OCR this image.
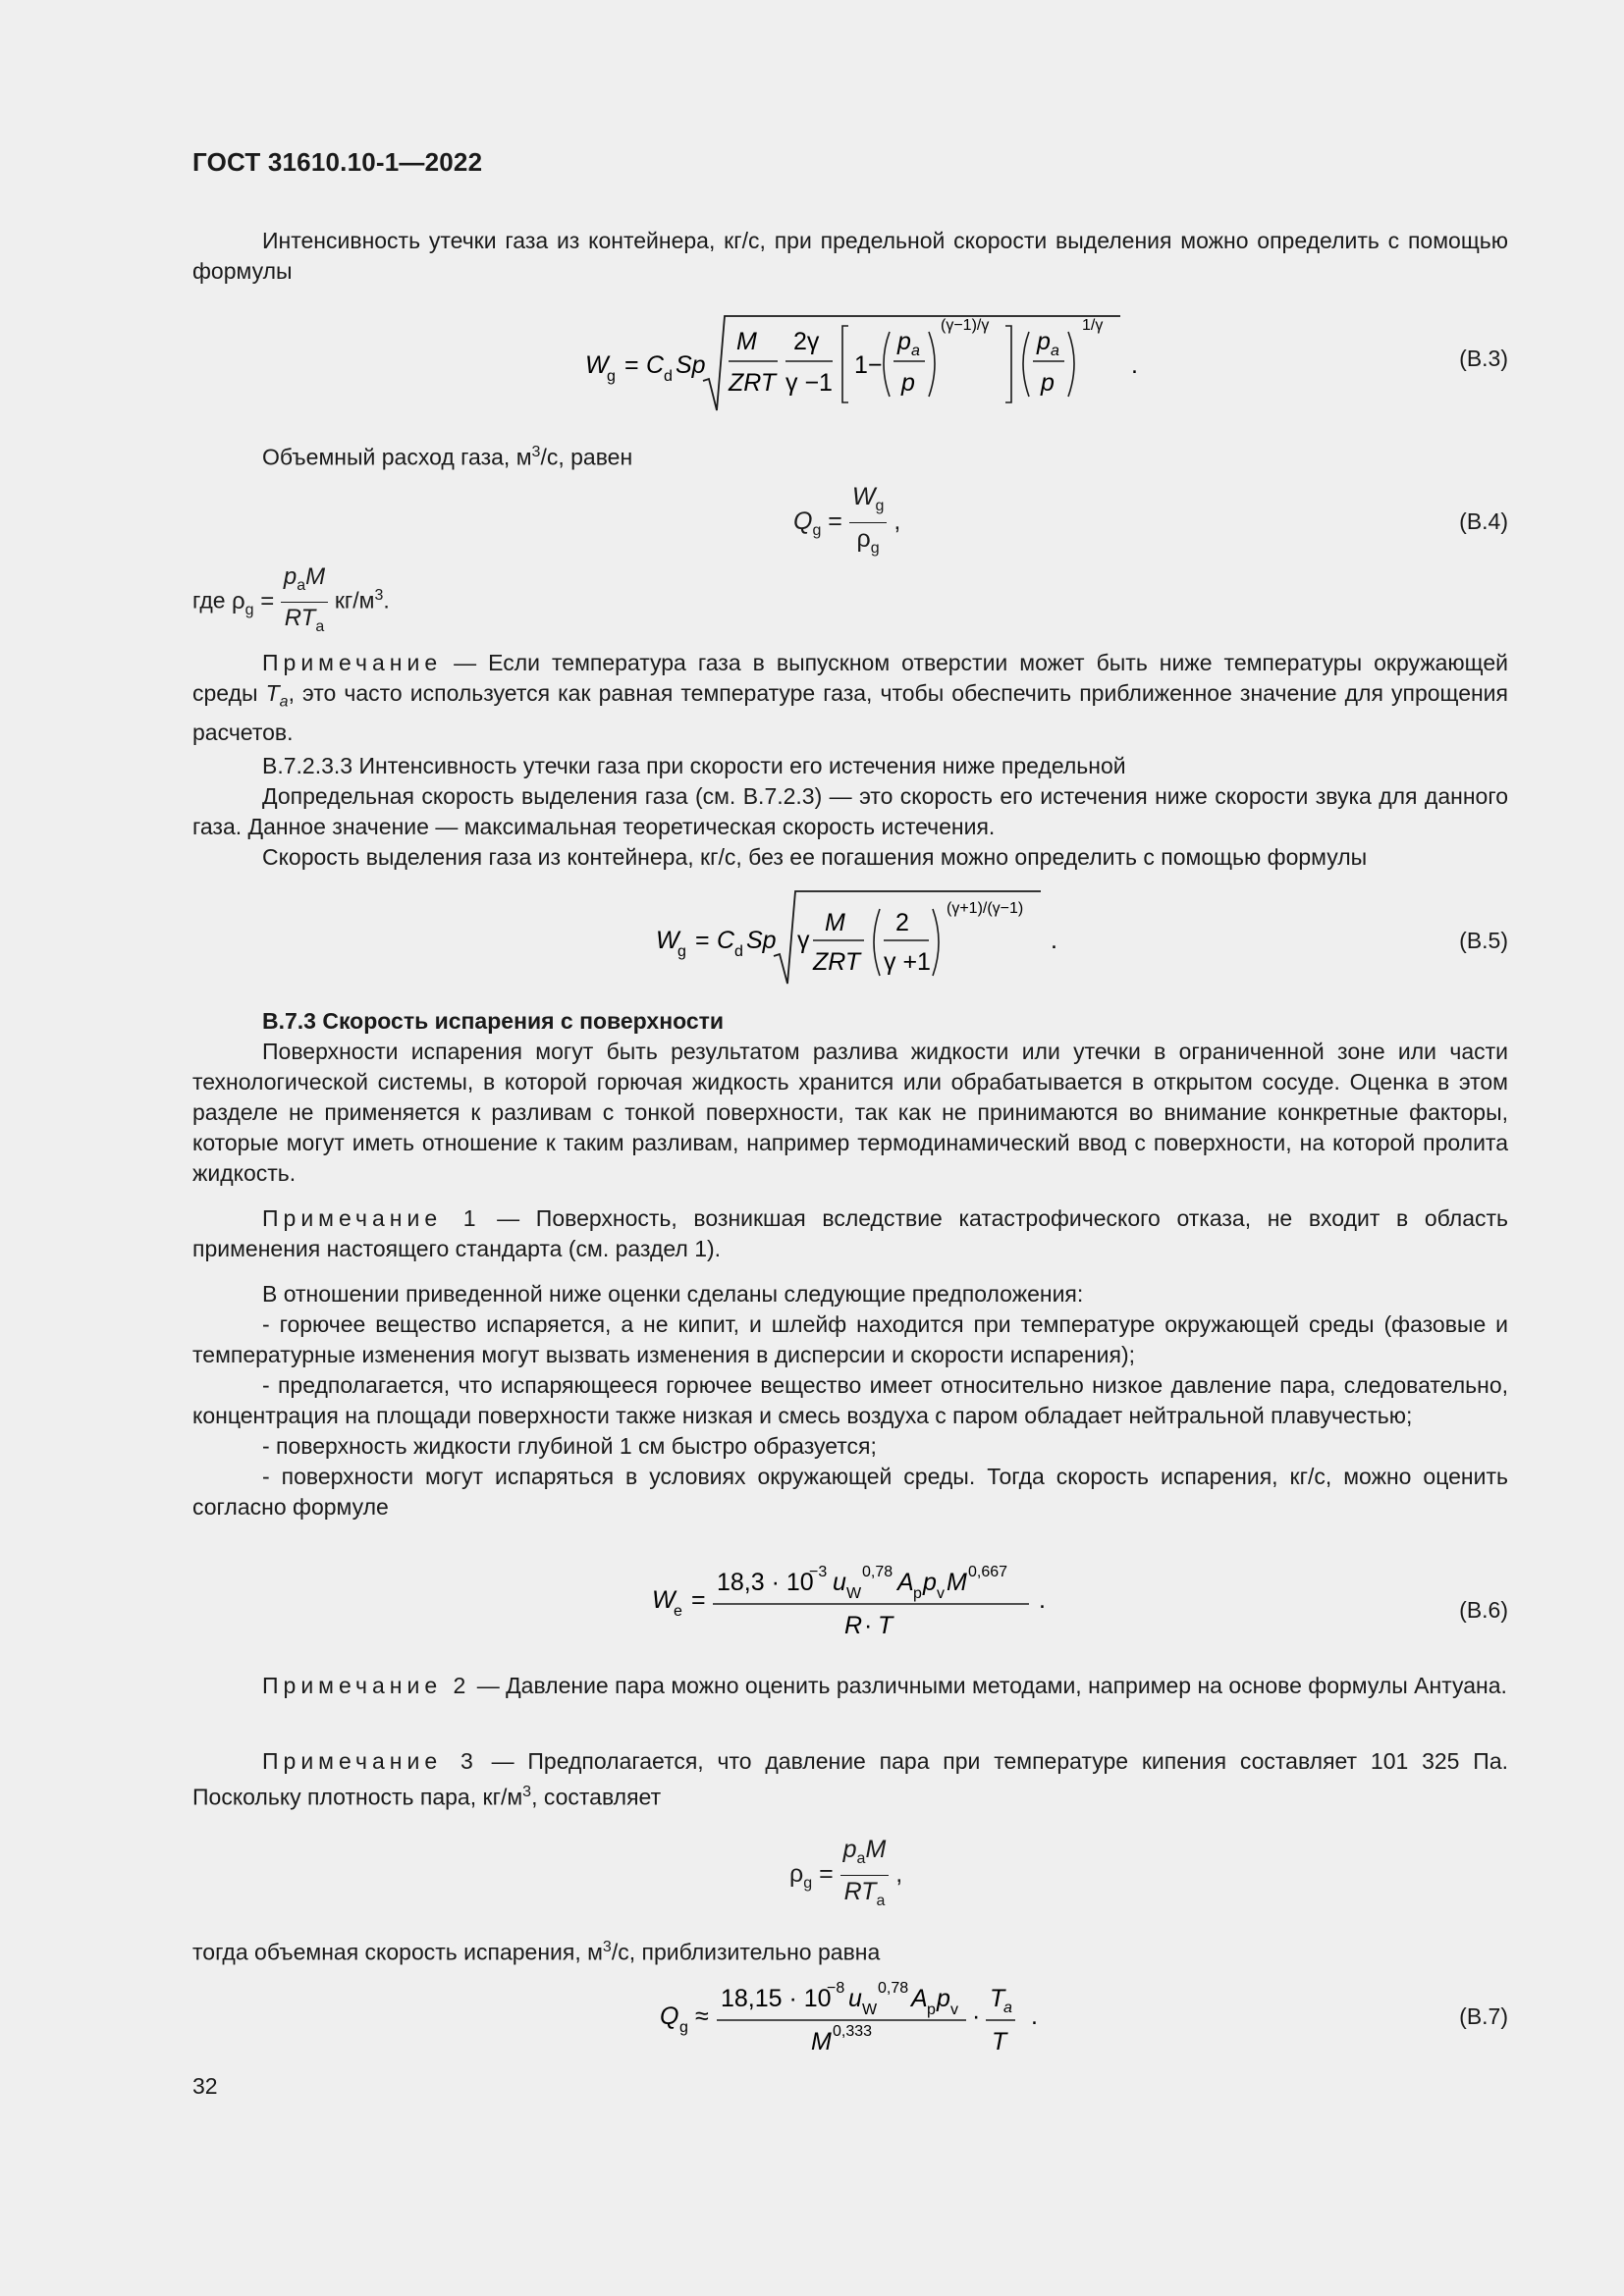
ГОСТ 31610.10-1—2022

Интенсивность утечки газа из контейнера, кг/с, при предельной скорости выделения можно определить с помощью формулы

W
g = C d Sp
M
ZRT
2γ
γ −1
1−
p a
p
(γ−1)/γ
p a
p
1/γ
.	(В.3)

Объемный расход газа, $м^3/с$, равен

$Q_g = \frac{W_g}{\rho_g}$ ,	(В.4)
где $\rho_g$ =
$p_aM$
$RT_a$
$кг/м^3$.

Примечание — Если температура газа в выпускном отверстии может быть ниже температуры окружающей среды $T_a$, это часто используется как равная температуре газа, чтобы обеспечить приближенное значение для упрощения расчетов.

В.7.2.3.3 Интенсивность утечки газа при скорости его истечения ниже предельной

Допредельная скорость выделения газа (см. В.7.2.3) — это скорость его истечения ниже скорости звука для данного газа. Данное значение — максимальная теоретическая скорость истечения.

Скорость выделения газа из контейнера, кг/с, без ее погашения можно определить с помощью формулы

W
g = C d Sp γ
M
ZRT
2
γ +1
(γ+1)/(γ−1)
.	(В.5)

В.7.3 Скорость испарения с поверхности

Поверхности испарения могут быть результатом разлива жидкости или утечки в ограниченной зоне или части технологической системы, в которой горючая жидкость хранится или обрабатывается в открытом сосуде. Оценка в этом разделе не применяется к разливам с тонкой поверхности, так как не принимаются во внимание конкретные факторы, которые могут иметь отношение к таким разливам, например термодинамический ввод с поверхности, на которой пролита жидкость.

Примечание 1 — Поверхность, возникшая вследствие катастрофического отказа, не входит в область применения настоящего стандарта (см. раздел 1).

В отношении приведенной ниже оценки сделаны следующие предположения:

- горючее вещество испаряется, а не кипит, и шлейф находится при температуре окружающей среды (фазовые и температурные изменения могут вызвать изменения в дисперсии и скорости испарения);

- предполагается, что испаряющееся горючее вещество имеет относительно низкое давление пара, следовательно, концентрация на площади поверхности также низкая и смесь воздуха с паром обладает нейтральной плавучестью;

- поверхность жидкости глубиной 1 см быстро образуется;

- поверхности могут испаряться в условиях окружающей среды. Тогда скорость испарения, кг/с, можно оценить согласно формуле

W
e =
18,3 · 10
−3 u W
0,78 A p p v M 0,667
R · T
.	(В.6)

Примечание 2 — Давление пара можно оценить различными методами, например на основе формулы Антуана.

Примечание 3 — Предполагается, что давление пара при температуре кипения составляет 101 325 Па. Поскольку плотность пара, $кг/м^3$, составляет

$\rho_g$ =
$p_aM$
$RT_a$
,

тогда объемная скорость испарения, $м^3/с$, приблизительно равна

Q g ≈
18,15 · 10
−8 u W
0,78 A p p v
M 0,333
·
T
a
T
.	(В.7)
32
